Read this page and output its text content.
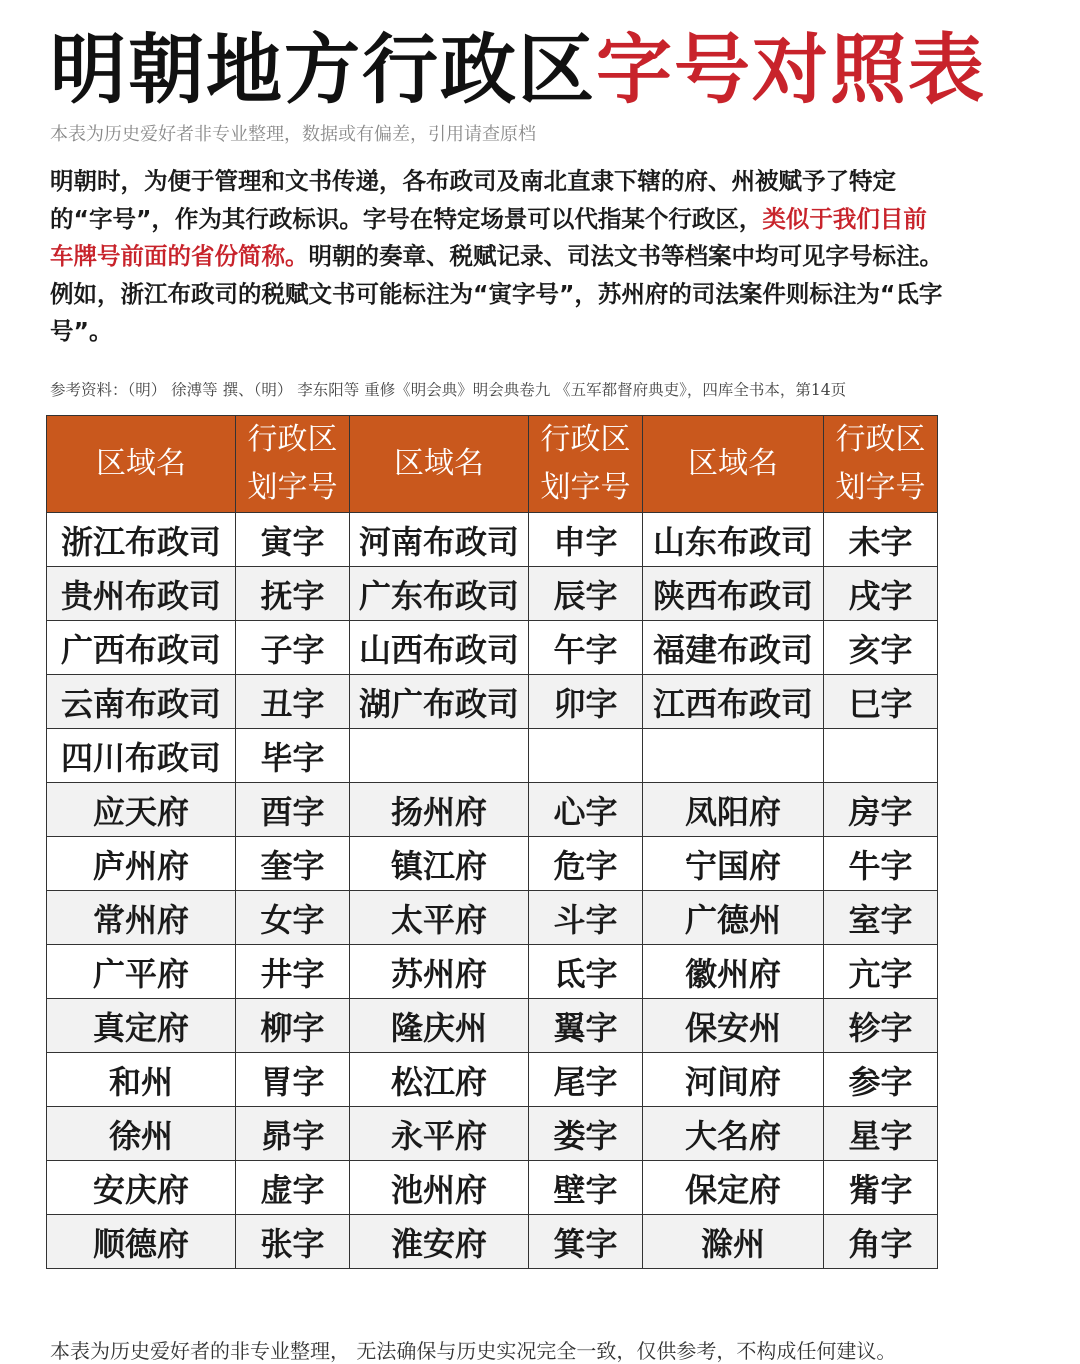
明朝地方行政区字号对照表
本表为历史爱好者非专业整理，数据或有偏差，引用请查原档
明朝时，为便于管理和文书传递，各布政司及南北直隶下辖的府、州被赋予了特定的“字号”，作为其行政标识。字号在特定场景可以代指某个行政区，类似于我们目前车牌号前面的省份简称。明朝的奏章、税赋记录、司法文书等档案中均可见字号标注。例如，浙江布政司的税赋文书可能标注为“寅字号”，苏州府的司法案件则标注为“氐字号”。
参考资料：（明） 徐溥等 撰、（明） 李东阳等 重修《明会典》明会典卷九 《五军都督府典吏》，四库全书本，第14页
区域名	行政区划字号	区域名	行政区划字号	区域名	行政区划字号
浙江布政司	寅字	河南布政司	申字	山东布政司	未字
贵州布政司	抚字	广东布政司	辰字	陕西布政司	戌字
广西布政司	子字	山西布政司	午字	福建布政司	亥字
云南布政司	丑字	湖广布政司	卯字	江西布政司	巳字
四川布政司	毕字				
应天府	酉字	扬州府	心字	凤阳府	房字
庐州府	奎字	镇江府	危字	宁国府	牛字
常州府	女字	太平府	斗字	广德州	室字
广平府	井字	苏州府	氐字	徽州府	亢字
真定府	柳字	隆庆州	翼字	保安州	轸字
和州	胃字	松江府	尾字	河间府	参字
徐州	昴字	永平府	娄字	大名府	星字
安庆府	虚字	池州府	壁字	保定府	觜字
顺德府	张字	淮安府	箕字	滁州	角字
本表为历史爱好者的非专业整理， 无法确保与历史实况完全一致，仅供参考，不构成任何建议。
